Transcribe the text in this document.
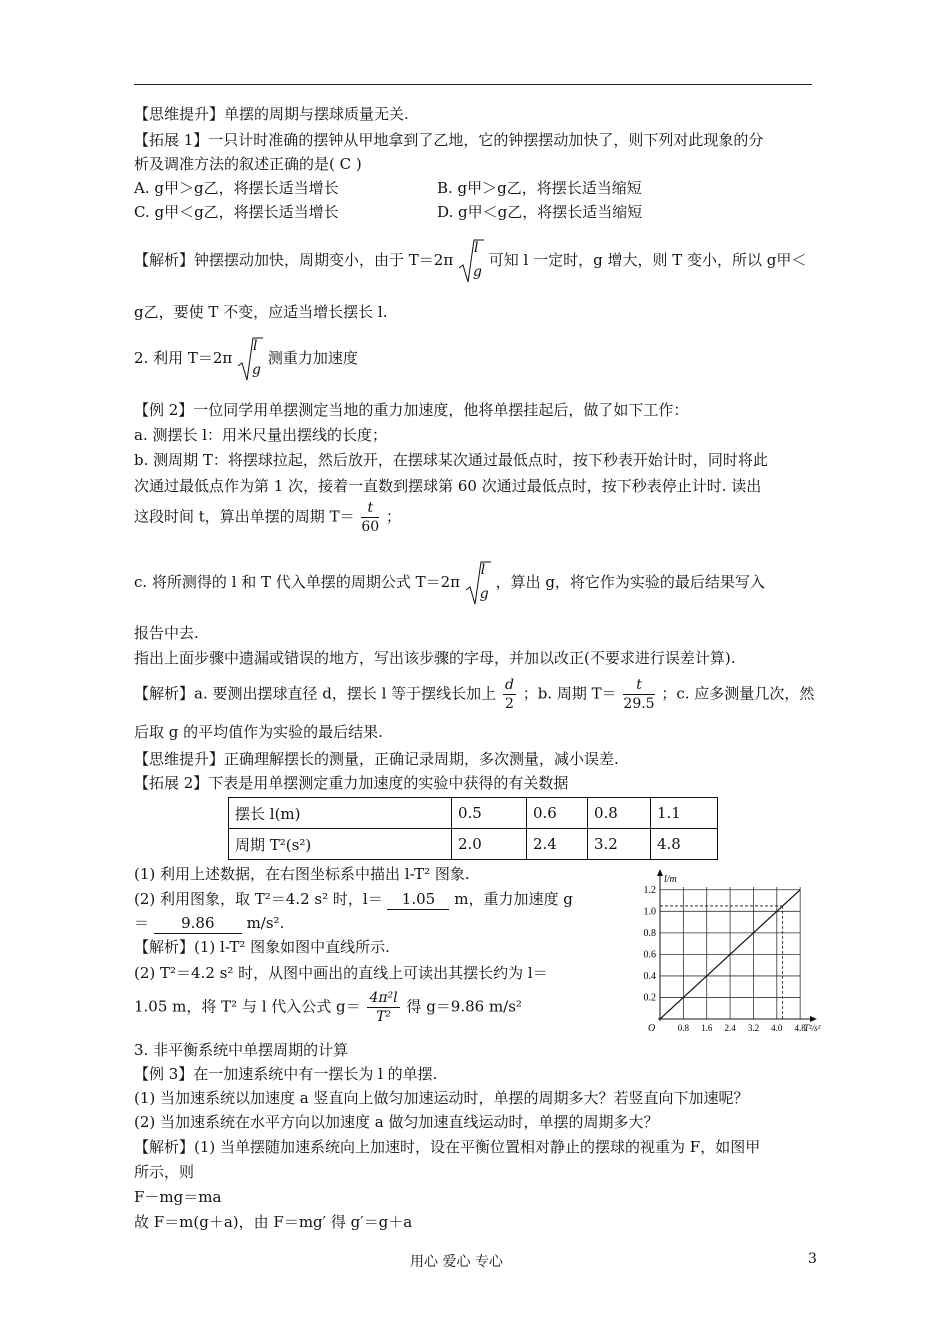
【思维提升】单摆的周期与摆球质量无关.
【拓展 1】一只计时准确的摆钟从甲地拿到了乙地，它的钟摆摆动加快了，则下列对此现象的分
析及调准方法的叙述正确的是( C )
A. g甲＞g乙，将摆长适当增长	B. g甲＞g乙，将摆长适当缩短
C. g甲＜g乙，将摆长适当增长	D. g甲＜g乙，将摆长适当缩短
【解析】钟摆摆动加快，周期变小，由于 T＝2π
l
g
可知 l 一定时，g 增大，则 T 变小，所以 g甲＜
g乙，要使 T 不变，应适当增长摆长 l.
2. 利用 T＝2π
l
g
测重力加速度
【例 2】一位同学用单摆测定当地的重力加速度，他将单摆挂起后，做了如下工作：
a. 测摆长 l：用米尺量出摆线的长度；
b. 测周期 T：将摆球拉起，然后放开，在摆球某次通过最低点时，按下秒表开始计时，同时将此
次通过最低点作为第 1 次，接着一直数到摆球第 60 次通过最低点时，按下秒表停止计时. 读出
这段时间 t，算出单摆的周期 $T= \frac{t}{60}$ ；
c. 将所测得的 l 和 T 代入单摆的周期公式 T＝2π
l
g
，算出 g，将它作为实验的最后结果写入
报告中去.
指出上面步骤中遗漏或错误的地方，写出该步骤的字母，并加以改正(不要求进行误差计算).
【解析】a. 要测出摆球直径 d，摆长 l 等于摆线长加上 $\frac{d}{2}$ ；b. 周期 $T= \frac{t}{29.5}$ ；c. 应多测量几次，然
后取 g 的平均值作为实验的最后结果.
【思维提升】正确理解摆长的测量，正确记录周期，多次测量，减小误差.
【拓展 2】下表是用单摆测定重力加速度的实验中获得的有关数据
摆长 l(m)	0.5	0.6	0.8	1.1
周期 T²(s²)	2.0	2.4	3.2	4.8
(1) 利用上述数据，在右图坐标系中描出 l-T² 图象.
(2) 利用图象，取 T²＝4.2 s² 时，l＝ 1.05 m，重力加速度 g
＝ 9.86 m/s².
【解析】(1) l-T² 图象如图中直线所示.
(2) T²＝4.2 s² 时，从图中画出的直线上可读出其摆长约为 l＝
1.05 m，将 T² 与 l 代入公式 $g= \frac{\text{4π²l}}{\text{T²}}$ 得 g＝9.86 m/s²
0.8 1.6 2.4 3.2 4.0 4.8
0.2
0.4
0.6
0.8
1.0
1.2
l/m
T²/s²
O
3. 非平衡系统中单摆周期的计算
【例 3】在一加速系统中有一摆长为 l 的单摆.
(1) 当加速系统以加速度 a 竖直向上做匀加速运动时，单摆的周期多大？若竖直向下加速呢？
(2) 当加速系统在水平方向以加速度 a 做匀加速直线运动时，单摆的周期多大？
【解析】(1) 当单摆随加速系统向上加速时，设在平衡位置相对静止的摆球的视重为 F，如图甲
所示，则
F－mg＝ma
故 F＝m(g＋a)，由 F＝mg′ 得 g′＝g＋a
用心 爱心 专心	3
